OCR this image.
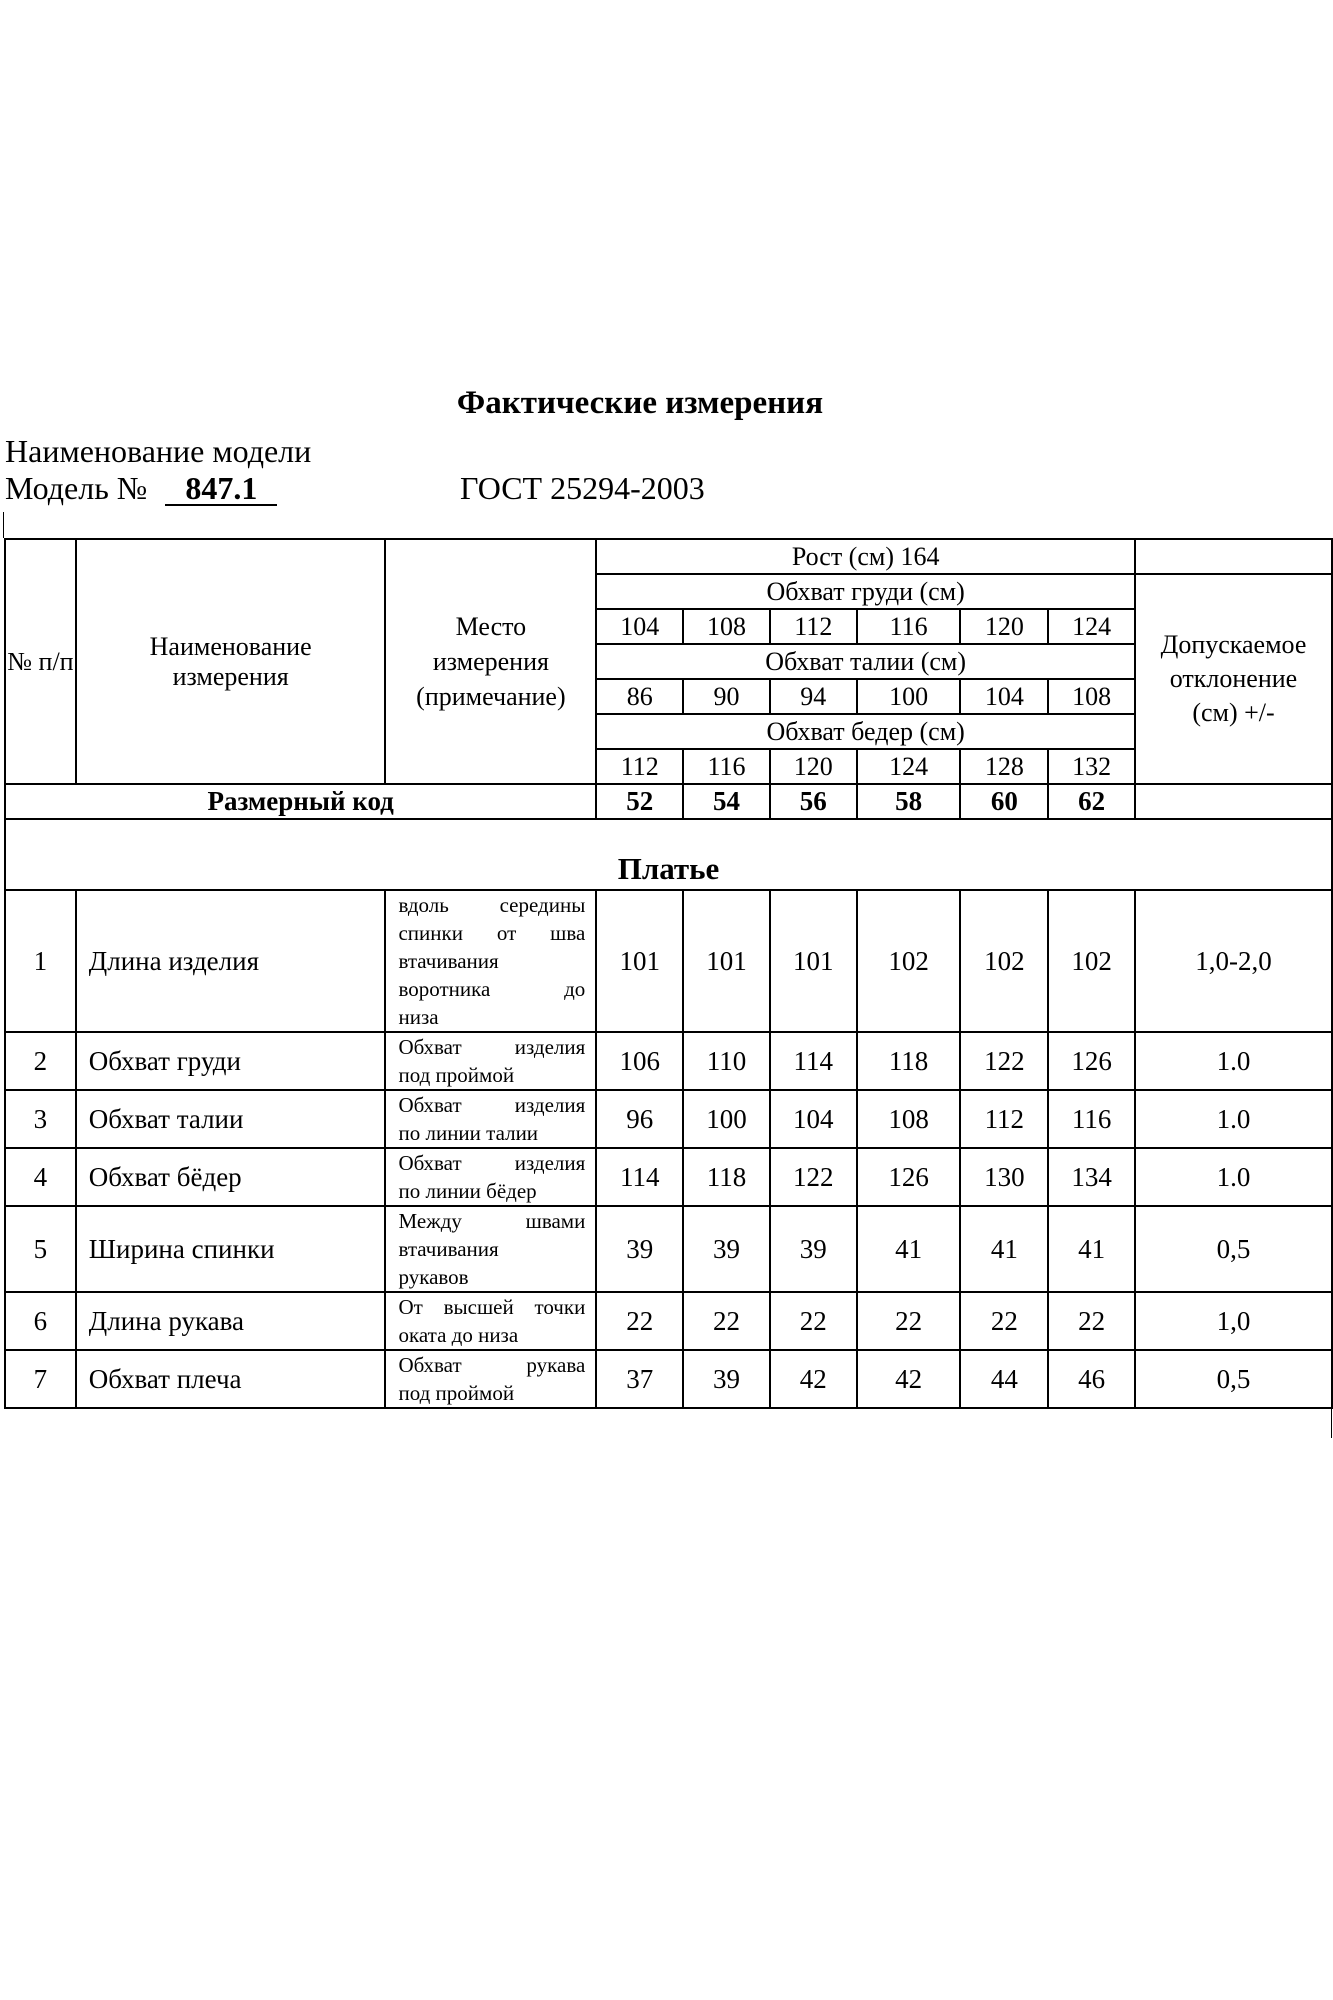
Фактические измерения
Наименование модели
Модель № 847.1	ГОСТ 25294-2003
№ п/п	Наименование измерения	Место измерения (примечание)	Рост (см) 164						
			Обхват груди (см)						Допускаемое отклонение (см) +/-
			104	108	112	116	120	124	
			Обхват талии (см)						
			86	90	94	100	104	108	
			Обхват бедер (см)						
			112	116	120	124	128	132	
Размерный код			52	54	56	58	60	62	
Платье									
1	Длина изделия	вдоль середины
спинки от шва
втачивания
воротника до
низа	101	101	101	102	102	102	1,0-2,0
2	Обхват груди	Обхват изделия
под проймой	106	110	114	118	122	126	1.0
3	Обхват талии	Обхват изделия
по линии талии	96	100	104	108	112	116	1.0
4	Обхват бёдер	Обхват изделия
по линии бёдер	114	118	122	126	130	134	1.0
5	Ширина спинки	Между швами
втачивания
рукавов	39	39	39	41	41	41	0,5
6	Длина рукава	От высшей точки
оката до низа	22	22	22	22	22	22	1,0
7	Обхват плеча	Обхват рукава
под проймой	37	39	42	42	44	46	0,5
